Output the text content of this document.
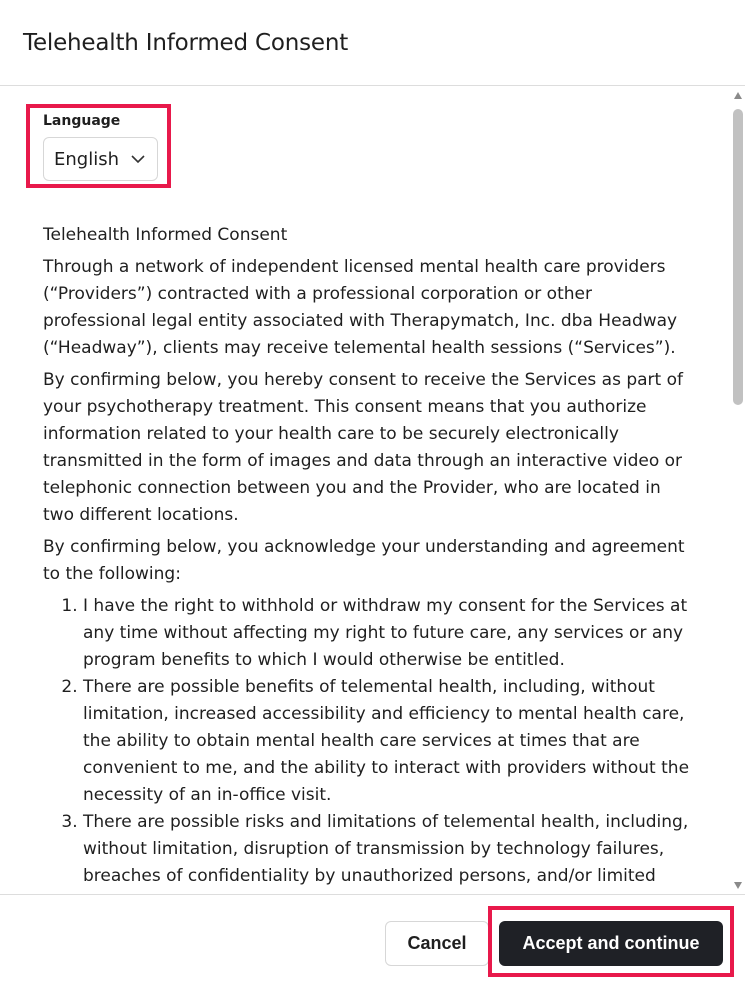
Telehealth Informed Consent
Language
English

Telehealth Informed Consent

Through a network of independent licensed mental health care providers (“Providers”) contracted with a professional corporation or other professional legal entity associated with Therapymatch, Inc. dba Headway (“Headway”), clients may receive telemental health sessions (“Services”).

By confirming below, you hereby consent to receive the Services as part of your psychotherapy treatment. This consent means that you authorize information related to your health care to be securely electronically transmitted in the form of images and data through an interactive video or telephonic connection between you and the Provider, who are located in two different locations.

By confirming below, you acknowledge your understanding and agreement to the following:

1. I have the right to withhold or withdraw my consent for the Services at any time without affecting my right to future care, any services or any program benefits to which I would otherwise be entitled.
2. There are possible benefits of telemental health, including, without limitation, increased accessibility and efficiency to mental health care, the ability to obtain mental health care services at times that are convenient to me, and the ability to interact with providers without the necessity of an in-office visit.
3. There are possible risks and limitations of telemental health, including, without limitation, disruption of transmission by technology failures, breaches of confidentiality by unauthorized persons, and/or limited
Cancel	Accept and continue
